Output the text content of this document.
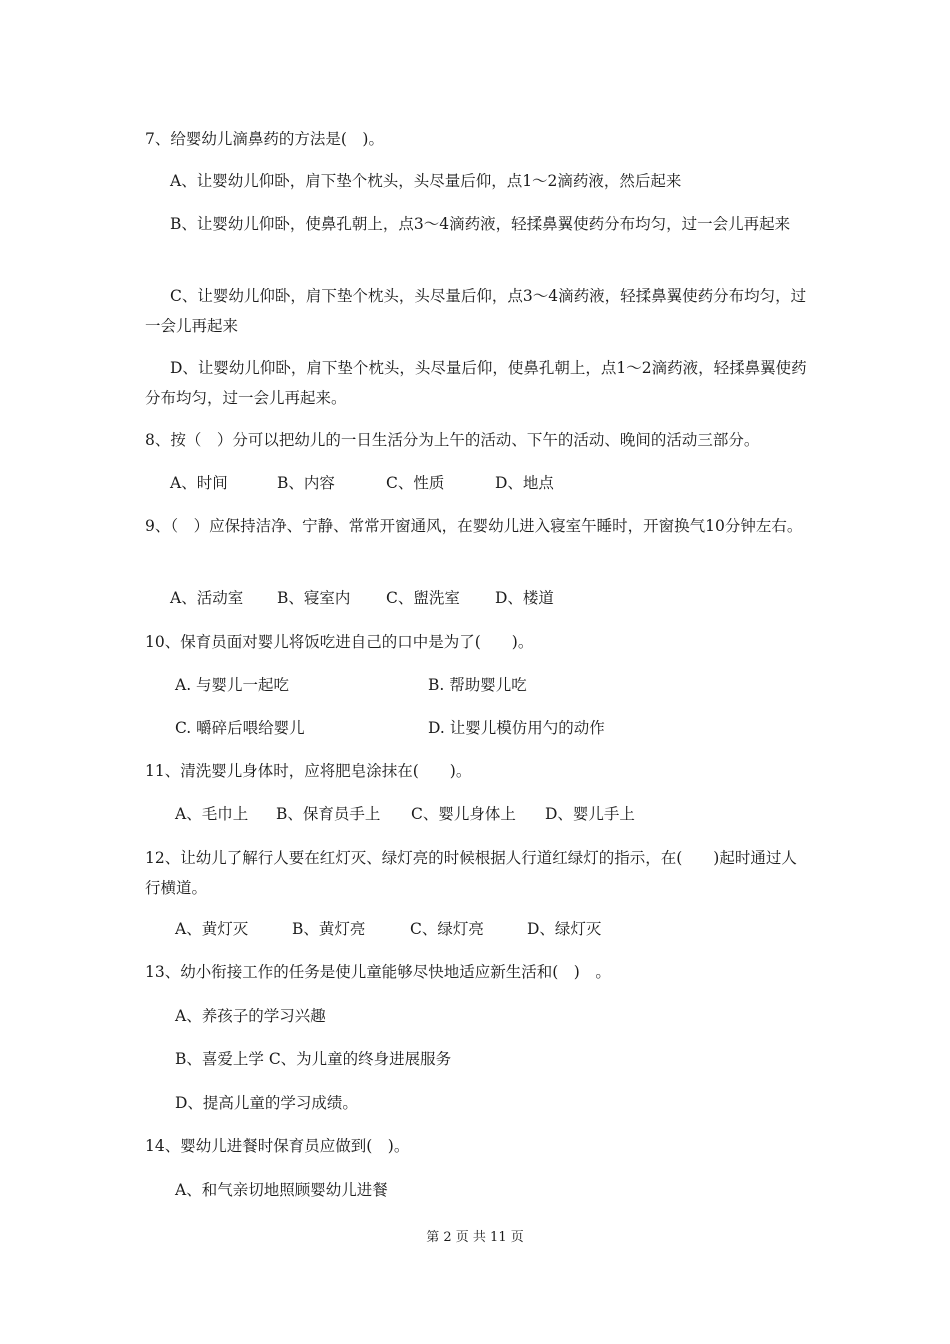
7、给婴幼儿滴鼻药的方法是(　)。
A、让婴幼儿仰卧，肩下垫个枕头，头尽量后仰，点1～2滴药液，然后起来
B、让婴幼儿仰卧，使鼻孔朝上，点3～4滴药液，轻揉鼻翼使药分布均匀，过一会儿再起来
C、让婴幼儿仰卧，肩下垫个枕头，头尽量后仰，点3～4滴药液，轻揉鼻翼使药分布均匀，过一会儿再起来
D、让婴幼儿仰卧，肩下垫个枕头，头尽量后仰，使鼻孔朝上，点1～2滴药液，轻揉鼻翼使药分布均匀，过一会儿再起来。
8、按（　）分可以把幼儿的一日生活分为上午的活动、下午的活动、晚间的活动三部分。
A、时间	B、内容	C、性质	D、地点
9、（　）应保持洁净、宁静、常常开窗通风，在婴幼儿进入寝室午睡时，开窗换气10分钟左右。
A、活动室 B、寝室内 C、盥洗室 D、楼道
10、保育员面对婴儿将饭吃进自己的口中是为了(　　)。
A. 与婴儿一起吃	B. 帮助婴儿吃
C. 嚼碎后喂给婴儿	D. 让婴儿模仿用勺的动作
11、清洗婴儿身体时，应将肥皂涂抹在(　　)。
A、毛巾上 B、保育员手上 C、婴儿身体上 D、婴儿手上
12、让幼儿了解行人要在红灯灭、绿灯亮的时候根据人行道红绿灯的指示，在(　　)起时通过人行横道。
A、黄灯灭	B、黄灯亮	C、绿灯亮	D、绿灯灭
13、幼小衔接工作的任务是使儿童能够尽快地适应新生活和(　)　。
A、养孩子的学习兴趣
B、喜爱上学 C、为儿童的终身进展服务
D、提高儿童的学习成绩。
14、婴幼儿进餐时保育员应做到(　)。
A、和气亲切地照顾婴幼儿进餐
第 2 页 共 11 页
